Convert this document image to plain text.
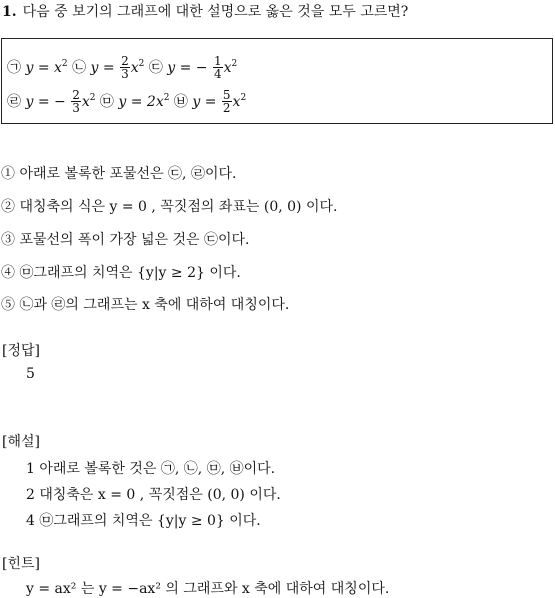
1. 다음 중 보기의 그래프에 대한 설명으로 옳은 것을 모두 고르면?
㉠ $y = x^2$ ㉡ $y = \frac{2}{3} x^2$ ㉢ y = − $\frac{1}{4} x^2$
㉣ y = − $\frac{2}{3} x^2$ ㉤ $y = 2x^2$ ㉥ $y = \frac{5}{2} x^2$
① 아래로 볼록한 포물선은 ㉢, ㉣이다.
② 대칭축의 식은 y = 0 , 꼭짓점의 좌표는 (0, 0) 이다.
③ 포물선의 폭이 가장 넓은 것은 ㉢이다.
④ ㉤그래프의 치역은 {y|y ≥ 2} 이다.
⑤ ㉡과 ㉣의 그래프는 x 축에 대하여 대칭이다.
[정답]
5
[해설]
1 아래로 볼록한 것은 ㉠, ㉡, ㉤, ㉥이다.
2 대칭축은 x = 0 , 꼭짓점은 (0, 0) 이다.
4 ㉤그래프의 치역은 {y|y ≥ 0} 이다.
[힌트]
y = ax² 는 y = −ax² 의 그래프와 x 축에 대하여 대칭이다.
